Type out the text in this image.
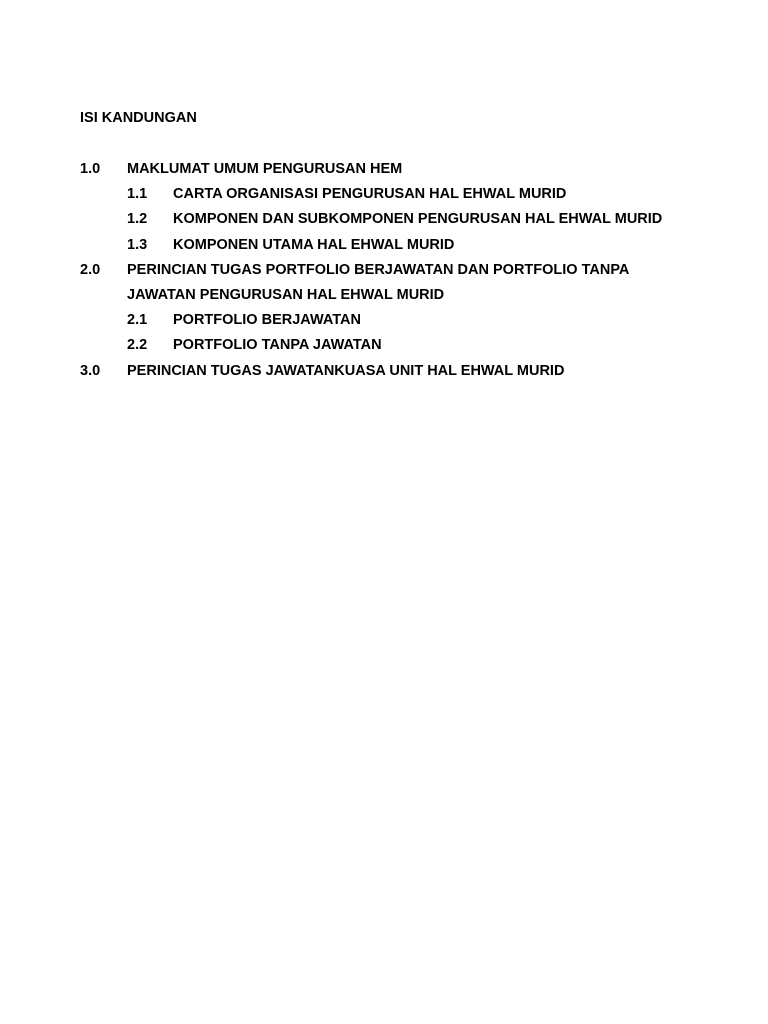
ISI KANDUNGAN
1.0 MAKLUMAT UMUM PENGURUSAN HEM
1.1 CARTA ORGANISASI PENGURUSAN HAL EHWAL MURID
1.2 KOMPONEN DAN SUBKOMPONEN PENGURUSAN HAL EHWAL MURID
1.3 KOMPONEN UTAMA HAL EHWAL MURID
2.0 PERINCIAN TUGAS PORTFOLIO BERJAWATAN DAN PORTFOLIO TANPA
JAWATAN PENGURUSAN HAL EHWAL MURID
2.1 PORTFOLIO BERJAWATAN
2.2 PORTFOLIO TANPA JAWATAN
3.0 PERINCIAN TUGAS JAWATANKUASA UNIT HAL EHWAL MURID
